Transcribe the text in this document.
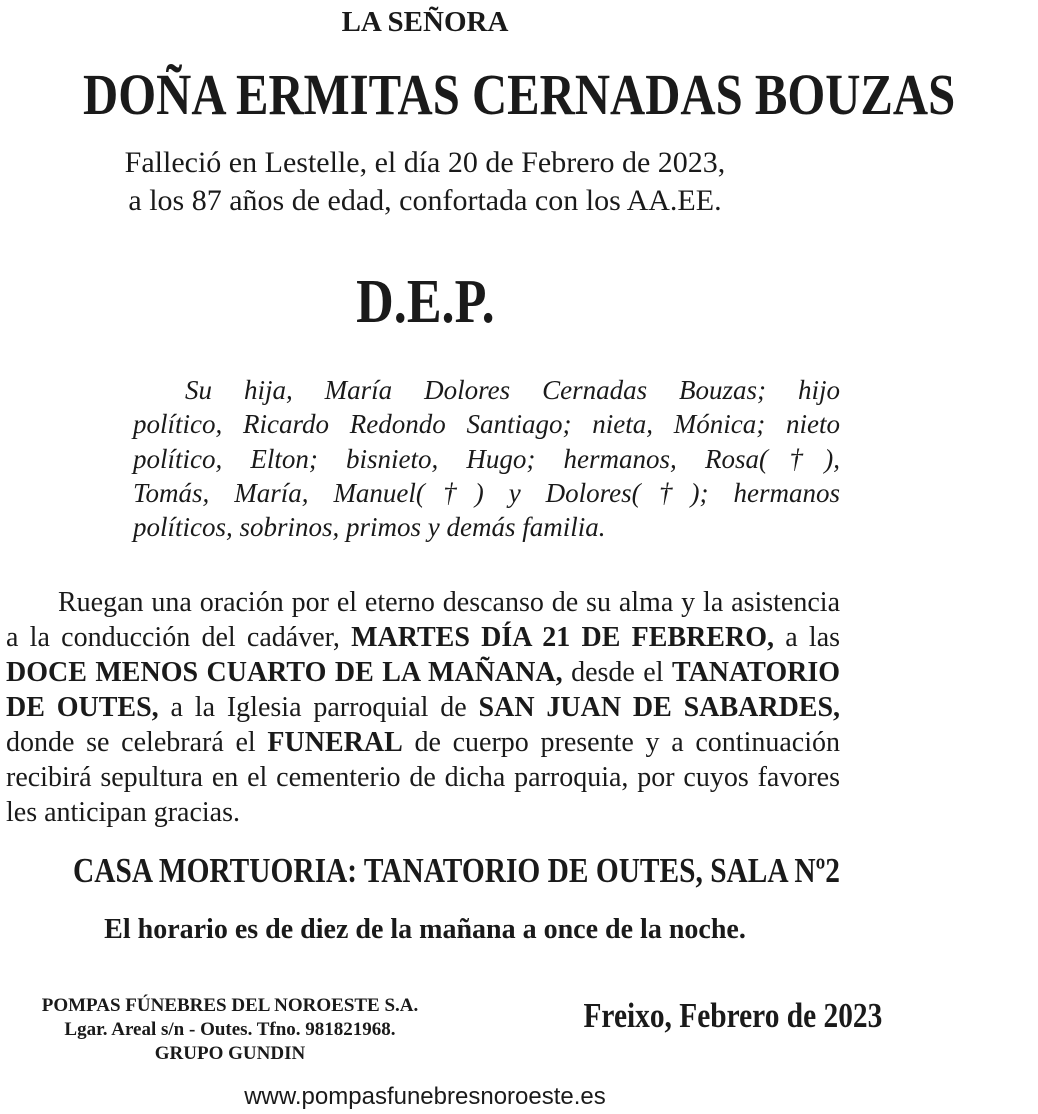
LA SEÑORA
DOÑA ERMITAS CERNADAS BOUZAS
Falleció en Lestelle, el día 20 de Febrero de 2023,
a los 87 años de edad, confortada con los AA.EE.
D.E.P.
Su hija, María Dolores Cernadas Bouzas; hijo
político, Ricardo Redondo Santiago; nieta, Mónica; nieto
político, Elton; bisnieto, Hugo; hermanos, Rosa(†),
Tomás, María, Manuel(†) y Dolores(†); hermanos
políticos, sobrinos, primos y demás familia.
Ruegan una oración por el eterno descanso de su alma y la asistencia a la conducción del cadáver, MARTES DÍA 21 DE FEBRERO, a las DOCE MENOS CUARTO DE LA MAÑANA, desde el TANATORIO DE OUTES, a la Iglesia parroquial de SAN JUAN DE SABARDES, donde se celebrará el FUNERAL de cuerpo presente y a continuación recibirá sepultura en el cementerio de dicha parroquia, por cuyos favores les anticipan gracias.
CASA MORTUORIA: TANATORIO DE OUTES, SALA Nº2
El horario es de diez de la mañana a once de la noche.
POMPAS FÚNEBRES DEL NOROESTE S.A.
Lgar. Areal s/n - Outes. Tfno. 981821968.
GRUPO GUNDIN
Freixo, Febrero de 2023
www.pompasfunebresnoroeste.es
